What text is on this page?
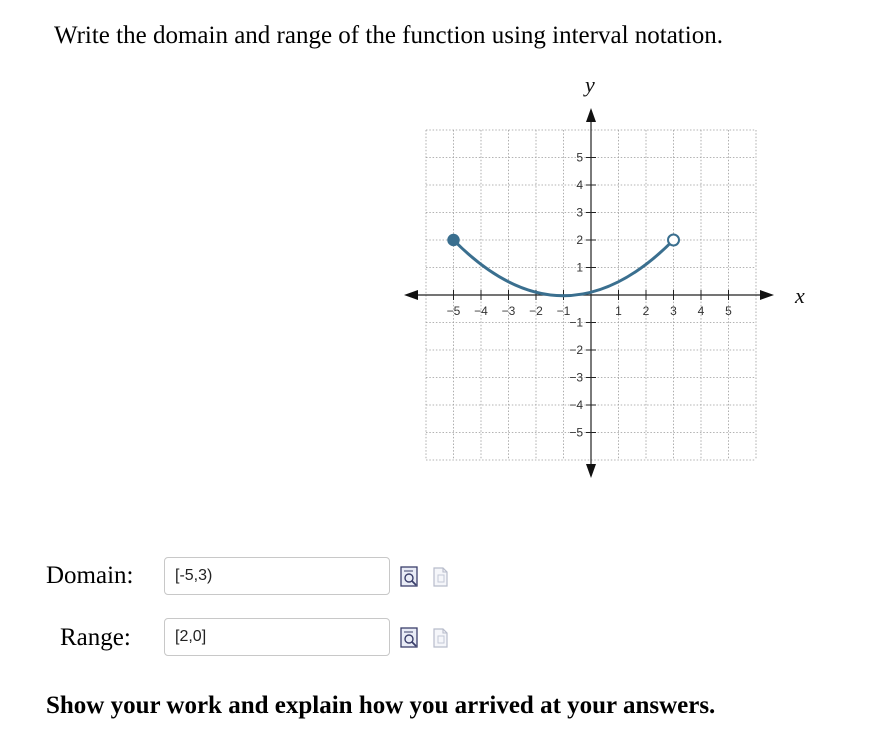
Write the domain and range of the function using interval notation.

x
y
−5 −4 −3 −2 −1	1 2 3 4 5
5
4
3
2
1
−1
−2
−3
−4
−5
Domain:
[-5,3)
Range:
[2,0]

Show your work and explain how you arrived at your answers.
